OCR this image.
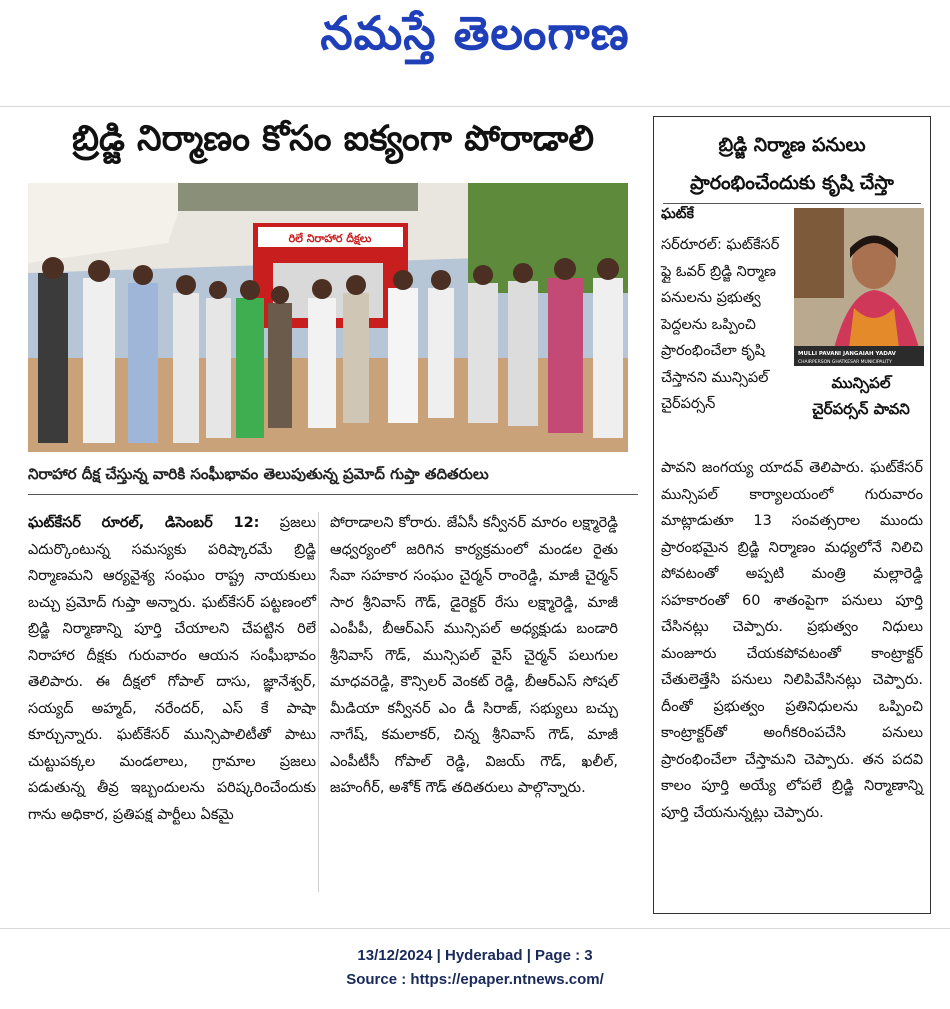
నమస్తే తెలంగాణ
బ్రిడ్జి నిర్మాణం కోసం ఐక్యంగా పోరాడాలి
రిలే నిరాహార దీక్షలు
నిరాహార దీక్ష చేస్తున్న వారికి సంఘీభావం తెలుపుతున్న ప్రమోద్ గుప్తా తదితరులు
ఘట్‌కేసర్ రూరల్, డిసెంబర్ 12: ప్రజలు ఎదుర్కొంటున్న సమస్యకు పరిష్కారమే బ్రిడ్జి నిర్మాణమని ఆర్యవైశ్య సంఘం రాష్ట్ర నాయకులు బచ్చు ప్రమోద్ గుప్తా అన్నారు. ఘట్‌కేసర్ పట్టణంలో బ్రిడ్జి నిర్మాణాన్ని పూర్తి చేయాలని చేపట్టిన రిలే నిరాహార దీక్షకు గురువారం ఆయన సంఘీభావం తెలిపారు. ఈ దీక్షలో గోపాల్ దాసు, జ్ఞానేశ్వర్, సయ్యద్ అహ్మద్, నరేందర్, ఎస్ కే పాషా కూర్చున్నారు. ఘట్‌కేసర్ మున్సిపాలిటీతో పాటు చుట్టుపక్కల మండలాలు, గ్రామాల ప్రజలు పడుతున్న తీవ్ర ఇబ్బందులను పరిష్కరించేందుకు గాను అధికార, ప్రతిపక్ష పార్టీలు ఏకమై
పోరాడాలని కోరారు. జేఏసీ కన్వీనర్ మారం లక్ష్మారెడ్డి ఆధ్వర్యంలో జరిగిన కార్యక్రమంలో మండల రైతు సేవా సహకార సంఘం చైర్మన్ రాంరెడ్డి, మాజీ చైర్మన్ సార శ్రీనివాస్ గౌడ్, డైరెక్టర్ రేసు లక్ష్మారెడ్డి, మాజీ ఎంపీపీ, బీఆర్‌ఎస్ మున్సిపల్ అధ్యక్షుడు బండారి శ్రీనివాస్ గౌడ్, మున్సిపల్ వైస్ చైర్మన్ పలుగుల మాధవరెడ్డి, కౌన్సిలర్ వెంకట్ రెడ్డి, బీఆర్‌ఎస్ సోషల్ మీడియా కన్వీనర్ ఎం డీ సిరాజ్, సభ్యులు బచ్చు నాగేష్, కమలాకర్, చిన్న శ్రీనివాస్ గౌడ్, మాజీ ఎంపీటీసీ గోపాల్ రెడ్డి, విజయ్ గౌడ్, ఖలీల్, జహంగీర్, అశోక్ గౌడ్ తదితరులు పాల్గొన్నారు.
బ్రిడ్జి నిర్మాణ పనులు
ప్రారంభించేందుకు కృషి చేస్తా
ఘట్‌కే
సర్‌రూరల్: ఘట్‌కేసర్ ఫ్లై ఓవర్ బ్రిడ్జి నిర్మాణ పనులను ప్రభుత్వ పెద్దలను ఒప్పించి ప్రారంభించేలా కృషి చేస్తానని మున్సిపల్ చైర్‌పర్సన్
MULLI PAVANI JANGAIAH YADAV
CHAIRPERSON GHATKESAR MUNICIPALITY
మున్సిపల్
చైర్‌పర్సన్ పావని
పావని జంగయ్య యాదవ్ తెలిపారు. ఘట్‌కేసర్ మున్సిపల్ కార్యాలయంలో గురువారం మాట్లాడుతూ 13 సంవత్సరాల ముందు ప్రారంభమైన బ్రిడ్జి నిర్మాణం మధ్యలోనే నిలిచి పోవటంతో అప్పటి మంత్రి మల్లారెడ్డి సహకారంతో 60 శాతంపైగా పనులు పూర్తి చేసినట్లు చెప్పారు. ప్రభుత్వం నిధులు మంజూరు చేయకపోవటంతో కాంట్రాక్టర్ చేతులెత్తేసి పనులు నిలిపివేసినట్లు చెప్పారు. దీంతో ప్రభుత్వం ప్రతినిధులను ఒప్పించి కాంట్రాక్టర్‌తో అంగీకరింపచేసి పనులు ప్రారంభించేలా చేస్తామని చెప్పారు. తన పదవి కాలం పూర్తి అయ్యే లోపలే బ్రిడ్జి నిర్మాణాన్ని పూర్తి చేయనున్నట్లు చెప్పారు.
13/12/2024 | Hyderabad | Page : 3
Source : https://epaper.ntnews.com/
